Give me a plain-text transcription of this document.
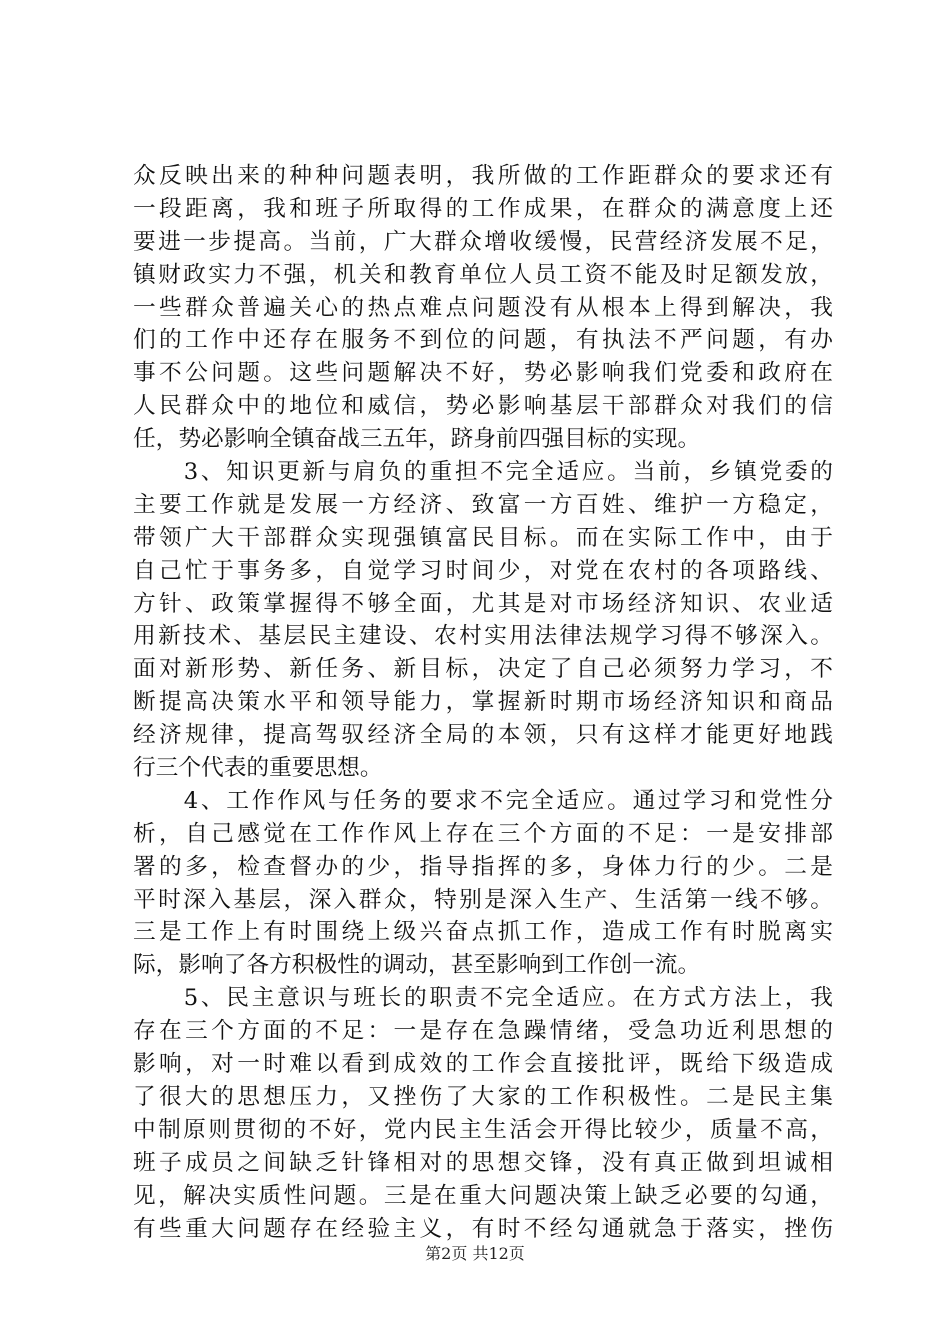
众反映出来的种种问题表明，我所做的工作距群众的要求还有
一段距离，我和班子所取得的工作成果，在群众的满意度上还
要进一步提高。当前，广大群众增收缓慢，民营经济发展不足，
镇财政实力不强，机关和教育单位人员工资不能及时足额发放，
一些群众普遍关心的热点难点问题没有从根本上得到解决，我
们的工作中还存在服务不到位的问题，有执法不严问题，有办
事不公问题。这些问题解决不好，势必影响我们党委和政府在
人民群众中的地位和威信，势必影响基层干部群众对我们的信
任，势必影响全镇奋战三五年，跻身前四强目标的实现。
　　3、知识更新与肩负的重担不完全适应。当前，乡镇党委的
主要工作就是发展一方经济、致富一方百姓、维护一方稳定，
带领广大干部群众实现强镇富民目标。而在实际工作中，由于
自己忙于事务多，自觉学习时间少，对党在农村的各项路线、
方针、政策掌握得不够全面，尤其是对市场经济知识、农业适
用新技术、基层民主建设、农村实用法律法规学习得不够深入。
面对新形势、新任务、新目标，决定了自己必须努力学习，不
断提高决策水平和领导能力，掌握新时期市场经济知识和商品
经济规律，提高驾驭经济全局的本领，只有这样才能更好地践
行三个代表的重要思想。
　　4、工作作风与任务的要求不完全适应。通过学习和党性分
析，自己感觉在工作作风上存在三个方面的不足：一是安排部
署的多，检查督办的少，指导指挥的多，身体力行的少。二是
平时深入基层，深入群众，特别是深入生产、生活第一线不够。
三是工作上有时围绕上级兴奋点抓工作，造成工作有时脱离实
际，影响了各方积极性的调动，甚至影响到工作创一流。
　　5、民主意识与班长的职责不完全适应。在方式方法上，我
存在三个方面的不足：一是存在急躁情绪，受急功近利思想的
影响，对一时难以看到成效的工作会直接批评，既给下级造成
了很大的思想压力，又挫伤了大家的工作积极性。二是民主集
中制原则贯彻的不好，党内民主生活会开得比较少，质量不高，
班子成员之间缺乏针锋相对的思想交锋，没有真正做到坦诚相
见，解决实质性问题。三是在重大问题决策上缺乏必要的勾通，
有些重大问题存在经验主义，有时不经勾通就急于落实，挫伤
第2页 共12页
